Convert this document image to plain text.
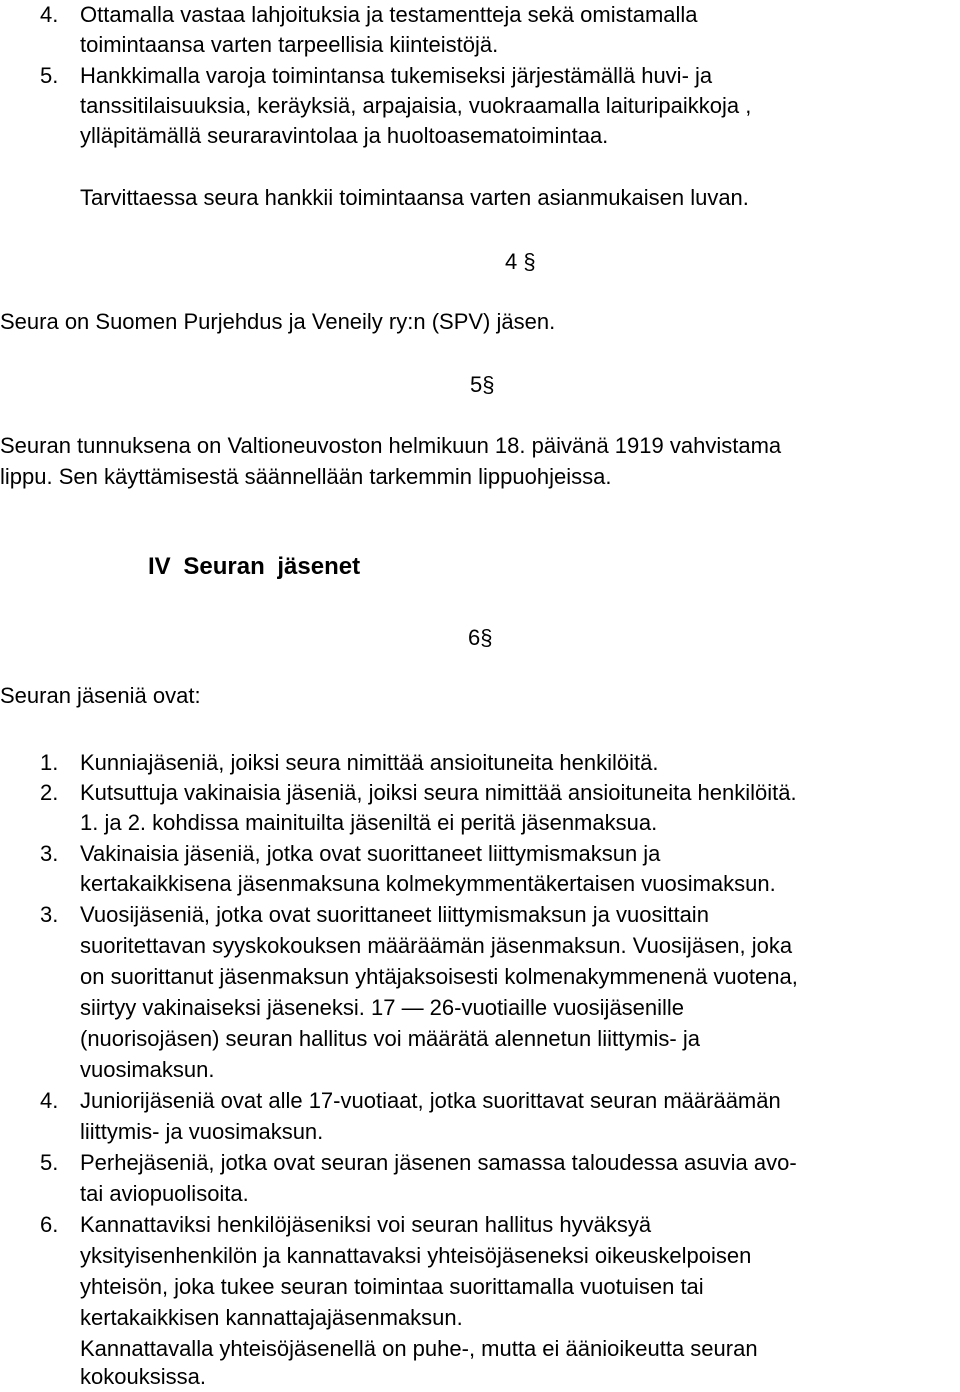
4. Ottamalla vastaa lahjoituksia ja testamentteja sekä omistamalla
toimintaansa varten tarpeellisia kiinteistöjä.
5. Hankkimalla varoja toimintansa tukemiseksi järjestämällä huvi- ja
tanssitilaisuuksia, keräyksiä, arpajaisia, vuokraamalla laituripaikkoja ,
ylläpitämällä seuraravintolaa ja huoltoasematoimintaa.
Tarvittaessa seura hankkii toimintaansa varten asianmukaisen luvan.
4 §
Seura on Suomen Purjehdus ja Veneily ry:n (SPV) jäsen.
5§
Seuran tunnuksena on Valtioneuvoston helmikuun 18. päivänä 1919 vahvistama
lippu. Sen käyttämisestä säännellään tarkemmin lippuohjeissa.
IV Seuran jäsenet
6§
Seuran jäseniä ovat:
1. Kunniajäseniä, joiksi seura nimittää ansioituneita henkilöitä.
2. Kutsuttuja vakinaisia jäseniä, joiksi seura nimittää ansioituneita henkilöitä.
1. ja 2. kohdissa mainituilta jäseniltä ei peritä jäsenmaksua.
3. Vakinaisia jäseniä, jotka ovat suorittaneet liittymismaksun ja
kertakaikkisena jäsenmaksuna kolmekymmentäkertaisen vuosimaksun.
3. Vuosijäseniä, jotka ovat suorittaneet liittymismaksun ja vuosittain
suoritettavan syyskokouksen määräämän jäsenmaksun. Vuosijäsen, joka
on suorittanut jäsenmaksun yhtäjaksoisesti kolmenakymmenenä vuotena,
siirtyy vakinaiseksi jäseneksi. 17 — 26-vuotiaille vuosijäsenille
(nuorisojäsen) seuran hallitus voi määrätä alennetun liittymis- ja
vuosimaksun.
4. Juniorijäseniä ovat alle 17-vuotiaat, jotka suorittavat seuran määräämän
liittymis- ja vuosimaksun.
5. Perhejäseniä, jotka ovat seuran jäsenen samassa taloudessa asuvia avo-
tai aviopuolisoita.
6. Kannattaviksi henkilöjäseniksi voi seuran hallitus hyväksyä
yksityisenhenkilön ja kannattavaksi yhteisöjäseneksi oikeuskelpoisen
yhteisön, joka tukee seuran toimintaa suorittamalla vuotuisen tai
kertakaikkisen kannattajajäsenmaksun.
Kannattavalla yhteisöjäsenellä on puhe-, mutta ei äänioikeutta seuran
kokouksissa.
